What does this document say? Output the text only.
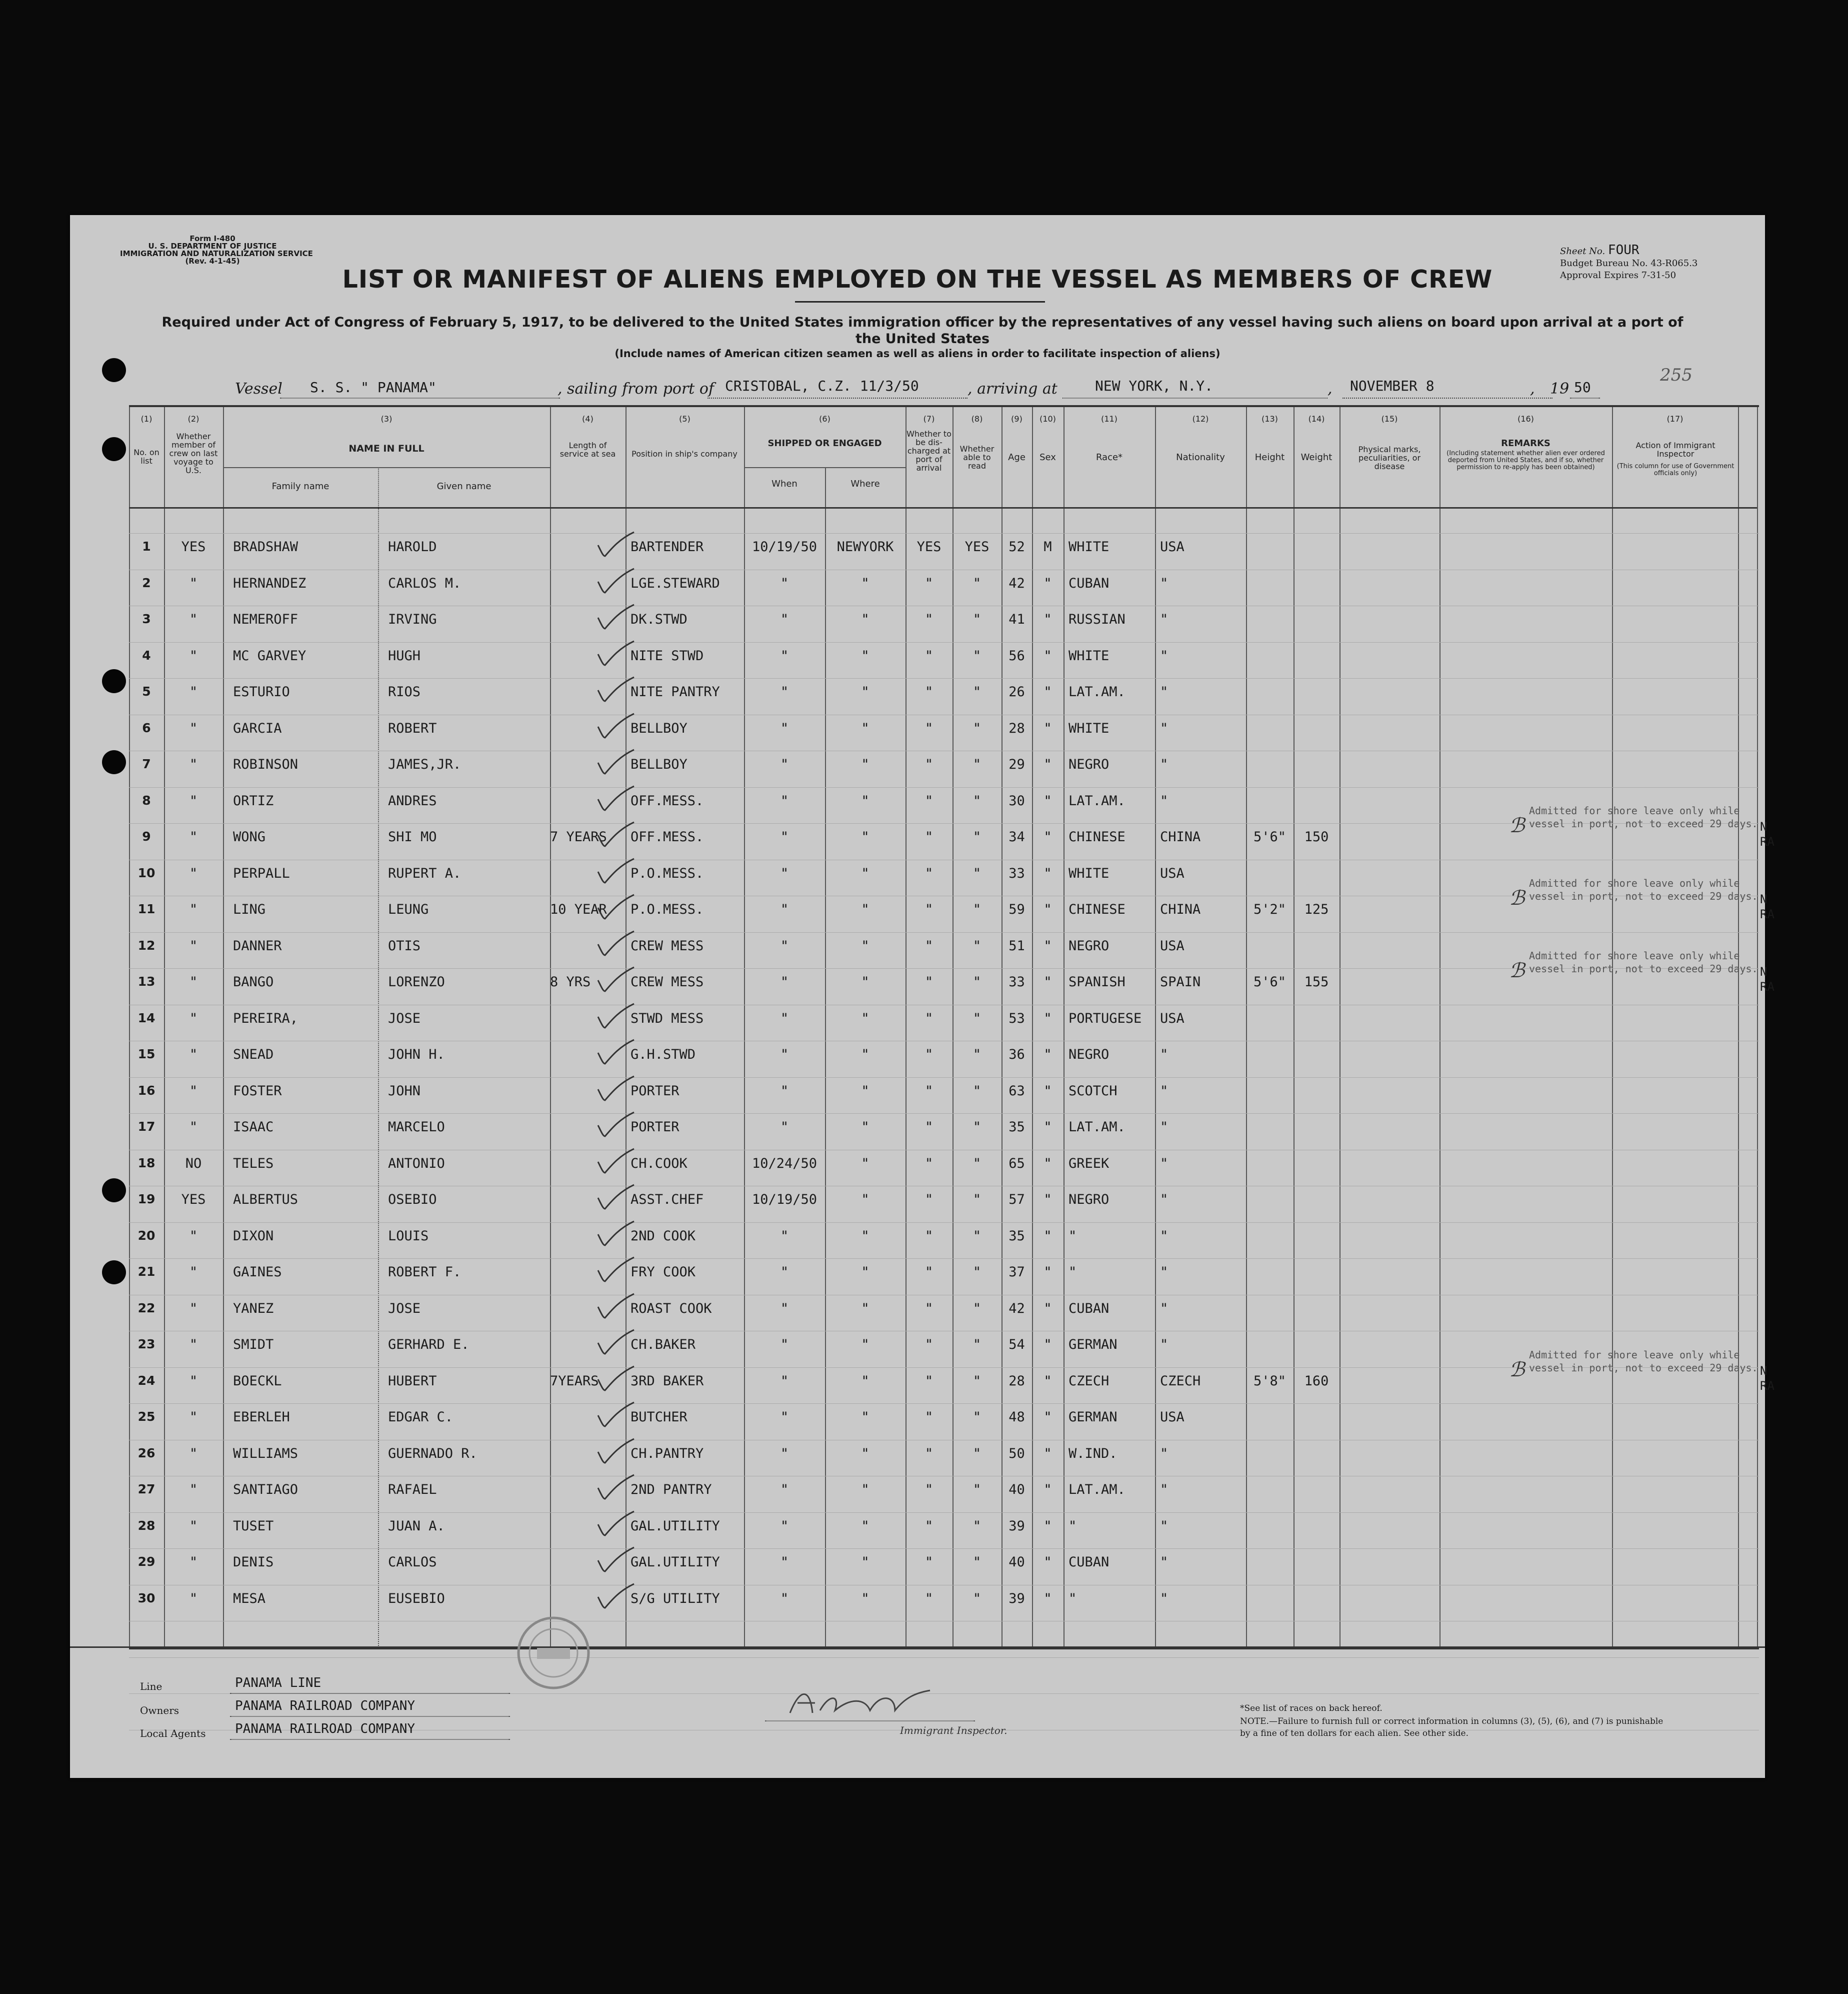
Form I-480
U. S. DEPARTMENT OF JUSTICE
IMMIGRATION AND NATURALIZATION SERVICE
(Rev. 4-1-45)
LIST OR MANIFEST OF ALIENS EMPLOYED ON THE VESSEL AS MEMBERS OF CREW
Sheet No. FOUR
Budget Bureau No. 43-R065.3
Approval Expires 7-31-50
Required under Act of Congress of February 5, 1917, to be delivered to the United States immigration officer by the representatives of any vessel having such aliens on board upon arrival at a port of the United States
(Include names of American citizen seamen as well as aliens in order to facilitate inspection of aliens)
255
Vessel S. S. " PANAMA"	, sailing from port of CRISTOBAL, C.Z. 11/3/50	, arriving at	NEW YORK, N.Y.	, NOVEMBER 8	, 19 50
(1)	(2)	(3)	(4)	(5)	(6)	(7)	(8)	(9)	(10)	(11)	(12)	(13)	(14)	(15)	(16)	(17)
No. on list
Whether member of crew on last voyage to U.S.
NAME IN FULL
Family name	Given name
Length of service at sea	Position in ship's company
SHIPPED OR ENGAGED
When	Where
Whether to be dis-charged at port of arrival
Whether able to read
Age	Sex	Race*	Nationality	Height	Weight
Physical marks, peculiarities, or disease
REMARKS
(Including statement whether alien ever ordered deported from United States, and if so, whether permission to re-apply has been obtained)
Action of Immigrant Inspector
(This column for use of Government officials only)
1	YES	BRADSHAW	HAROLD	BARTENDER	10/19/50	NEWYORK	YES	YES	52	M	WHITE	USA
2	"	HERNANDEZ	CARLOS M.	LGE.STEWARD	"	"	"	"	42	"	CUBAN	"
3	"	NEMEROFF	IRVING	DK.STWD	"	"	"	"	41	"	RUSSIAN	"
4	"	MC GARVEY	HUGH	NITE STWD	"	"	"	"	56	"	WHITE	"
5	"	ESTURIO	RIOS	NITE PANTRY	"	"	"	"	26	"	LAT.AM.	"
6	"	GARCIA	ROBERT	BELLBOY	"	"	"	"	28	"	WHITE	"
7	"	ROBINSON	JAMES,JR.	BELLBOY	"	"	"	"	29	"	NEGRO	"
8	"	ORTIZ	ANDRES	OFF.MESS.	"	"	"	"	30	"	LAT.AM.	"
9	"	WONG	SHI MO	7 YEARS	OFF.MESS.	"	"	"	"	34	"	CHINESE	CHINA	5'6"	150
10	"	PERPALL	RUPERT A.	P.O.MESS.	"	"	"	"	33	"	WHITE	USA
11	"	LING	LEUNG	10 YEAR	P.O.MESS.	"	"	"	"	59	"	CHINESE	CHINA	5'2"	125
12	"	DANNER	OTIS	CREW MESS	"	"	"	"	51	"	NEGRO	USA
13	"	BANGO	LORENZO	8 YRS	CREW MESS	"	"	"	"	33	"	SPANISH	SPAIN	5'6"	155
14	"	PEREIRA,	JOSE	STWD MESS	"	"	"	"	53	"	PORTUGESE	USA
15	"	SNEAD	JOHN H.	G.H.STWD	"	"	"	"	36	"	NEGRO	"
16	"	FOSTER	JOHN	PORTER	"	"	"	"	63	"	SCOTCH	"
17	"	ISAAC	MARCELO	PORTER	"	"	"	"	35	"	LAT.AM.	"
18	NO	TELES	ANTONIO	CH.COOK	10/24/50	"	"	"	65	"	GREEK	"
19	YES	ALBERTUS	OSEBIO	ASST.CHEF	10/19/50	"	"	"	57	"	NEGRO	"
20	"	DIXON	LOUIS	2ND COOK	"	"	"	"	35	"	"	"
21	"	GAINES	ROBERT F.	FRY COOK	"	"	"	"	37	"	"	"
22	"	YANEZ	JOSE	ROAST COOK	"	"	"	"	42	"	CUBAN	"
23	"	SMIDT	GERHARD E.	CH.BAKER	"	"	"	"	54	"	GERMAN	"
24	"	BOECKL	HUBERT	7YEARS	3RD BAKER	"	"	"	"	28	"	CZECH	CZECH	5'8"	160
25	"	EBERLEH	EDGAR C.	BUTCHER	"	"	"	"	48	"	GERMAN	USA
26	"	WILLIAMS	GUERNADO R.	CH.PANTRY	"	"	"	"	50	"	W.IND.	"
27	"	SANTIAGO	RAFAEL	2ND PANTRY	"	"	"	"	40	"	LAT.AM.	"
28	"	TUSET	JUAN A.	GAL.UTILITY	"	"	"	"	39	"	"	"
29	"	DENIS	CARLOS	GAL.UTILITY	"	"	"	"	40	"	CUBAN	"
30	"	MESA	EUSEBIO	S/G UTILITY	"	"	"	"	39	"	"	"
Admitted for shore leave only while vessel in port, not to exceed 29 days.
ℬ	N RA
Admitted for shore leave only while vessel in port, not to exceed 29 days.
ℬ	N RA
Admitted for shore leave only while vessel in port, not to exceed 29 days.
ℬ	N RA
Admitted for shore leave only while vessel in port, not to exceed 29 days.
ℬ	N RA
Line	PANAMA LINE
Owners	PANAMA RAILROAD COMPANY
Local Agents PANAMA RAILROAD COMPANY	Immigrant Inspector.
*See list of races on back hereof.
NOTE.—Failure to furnish full or correct information in columns (3), (5), (6), and (7) is punishable by a fine of ten dollars for each alien. See other side.
